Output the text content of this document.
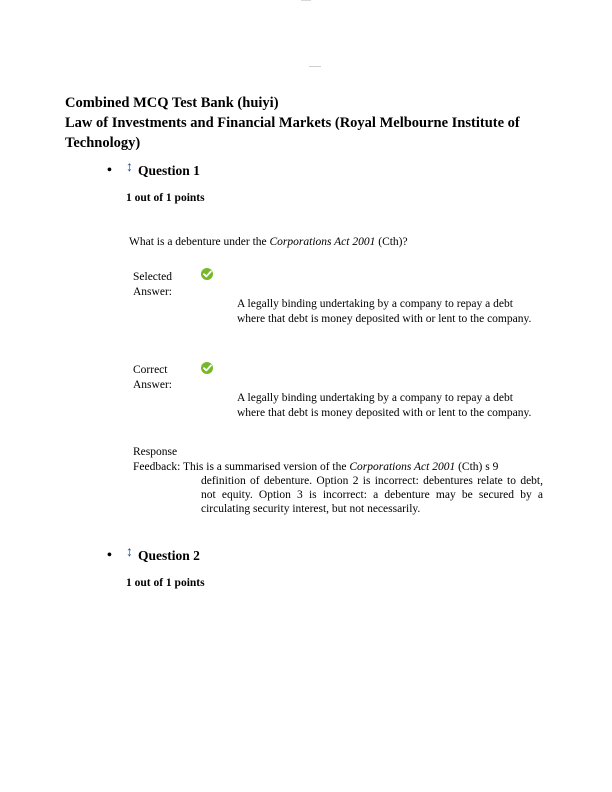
Combined MCQ Test Bank (huiyi)
Law of Investments and Financial Markets (Royal Melbourne Institute of Technology)
• ↕ Question 1
1 out of 1 points
What is a debenture under the Corporations Act 2001 (Cth)?
Selected
Answer:
A legally binding undertaking by a company to repay a debt where that debt is money deposited with or lent to the company.
Correct
Answer:
A legally binding undertaking by a company to repay a debt where that debt is money deposited with or lent to the company.
Response

Feedback: This is a summarised version of the Corporations Act 2001 (Cth) s 9

definition of debenture. Option 2 is incorrect: debentures relate to debt, not equity. Option 3 is incorrect: a debenture may be secured by a circulating security interest, but not necessarily.

• ↕ Question 2
1 out of 1 points
